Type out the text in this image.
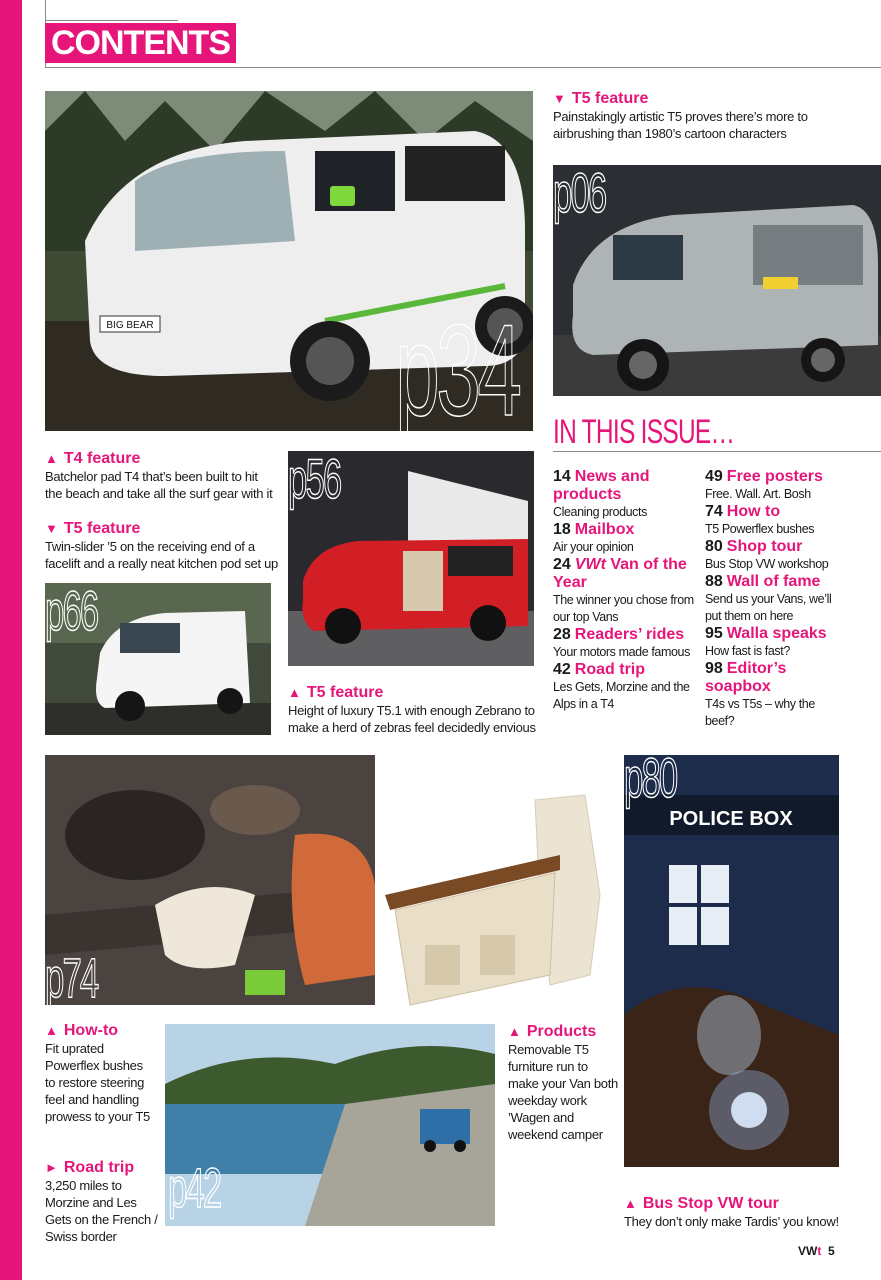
CONTENTS
BIG BEAR p34
▼ T5 feature
Painstakingly artistic T5 proves there’s more to airbrushing than 1980’s cartoon characters
p06
IN THIS ISSUE…
14 News and products
Cleaning products
18 Mailbox
Air your opinion
24 VWt Van of the Year
The winner you chose from our top Vans
28 Readers’ rides
Your motors made famous
42 Road trip
Les Gets, Morzine and the Alps in a T4
49 Free posters
Free. Wall. Art. Bosh
74 How to
T5 Powerflex bushes
80 Shop tour
Bus Stop VW workshop
88 Wall of fame
Send us your Vans, we’ll put them on here
95 Walla speaks
How fast is fast?
98 Editor’s soapbox
T4s vs T5s – why the beef?
▲ T4 feature
Batchelor pad T4 that’s been built to hit the beach and take all the surf gear with it
▼ T5 feature
Twin-slider ’5 on the receiving end of a facelift and a really neat kitchen pod set up
p66
p56
▲ T5 feature
Height of luxury T5.1 with enough Zebrano to make a herd of zebras feel decidedly envious
p74
POLICE BOX
p80
▲ How-to
Fit uprated Powerflex bushes to restore steering feel and handling prowess to your T5
► Road trip
3,250 miles to Morzine and Les Gets on the French / Swiss border
p42
▲ Products
Removable T5 furniture run to make your Van both weekday work ’Wagen and weekend camper
▲ Bus Stop VW tour
They don’t only make Tardis’ you know!
VWt 5
